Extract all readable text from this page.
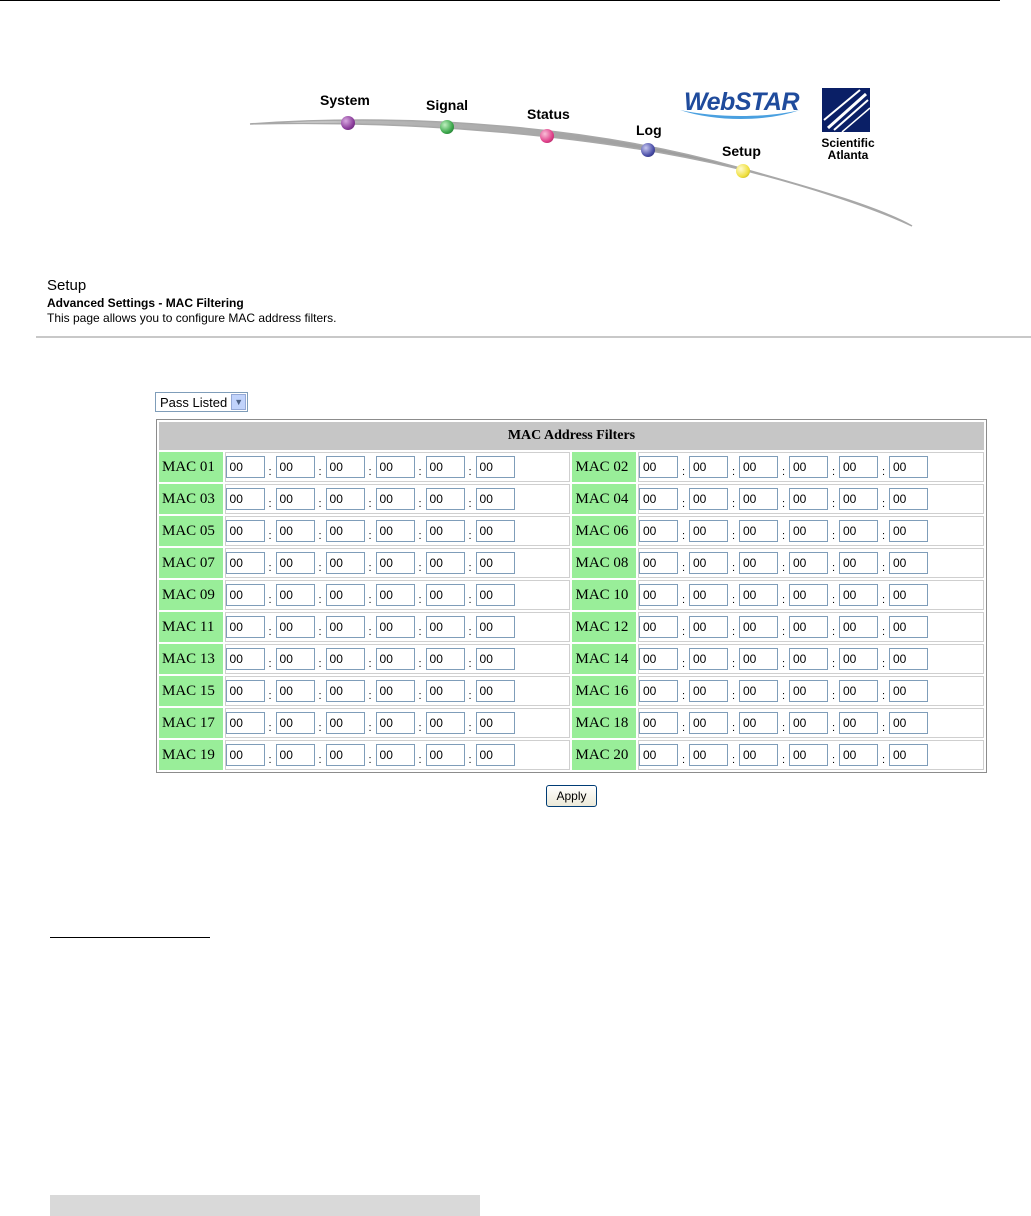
System	Signal
Status
Log
Setup
WebSTAR
Scientific Atlanta
Setup
Advanced Settings - MAC Filtering
This page allows you to configure MAC address filters.
Pass Listed ▼
MAC Address Filters			
MAC 01	00:00 :00 :00 :00 :00	MAC 02	00:00 :00 :00 :00 :00
MAC 03	00:00 :00 :00 :00 :00	MAC 04	00:00 :00 :00 :00 :00
MAC 05	00:00 :00 :00 :00 :00	MAC 06	00:00 :00 :00 :00 :00
MAC 07	00:00 :00 :00 :00 :00	MAC 08	00:00 :00 :00 :00 :00
MAC 09	00:00 :00 :00 :00 :00	MAC 10	00:00 :00 :00 :00 :00
MAC 11	00:00 :00 :00 :00 :00	MAC 12	00:00 :00 :00 :00 :00
MAC 13	00:00 :00 :00 :00 :00	MAC 14	00:00 :00 :00 :00 :00
MAC 15	00:00 :00 :00 :00 :00	MAC 16	00:00 :00 :00 :00 :00
MAC 17	00:00 :00 :00 :00 :00	MAC 18	00:00 :00 :00 :00 :00
MAC 19	00:00 :00 :00 :00 :00	MAC 20	00:00 :00 :00 :00 :00
Apply
